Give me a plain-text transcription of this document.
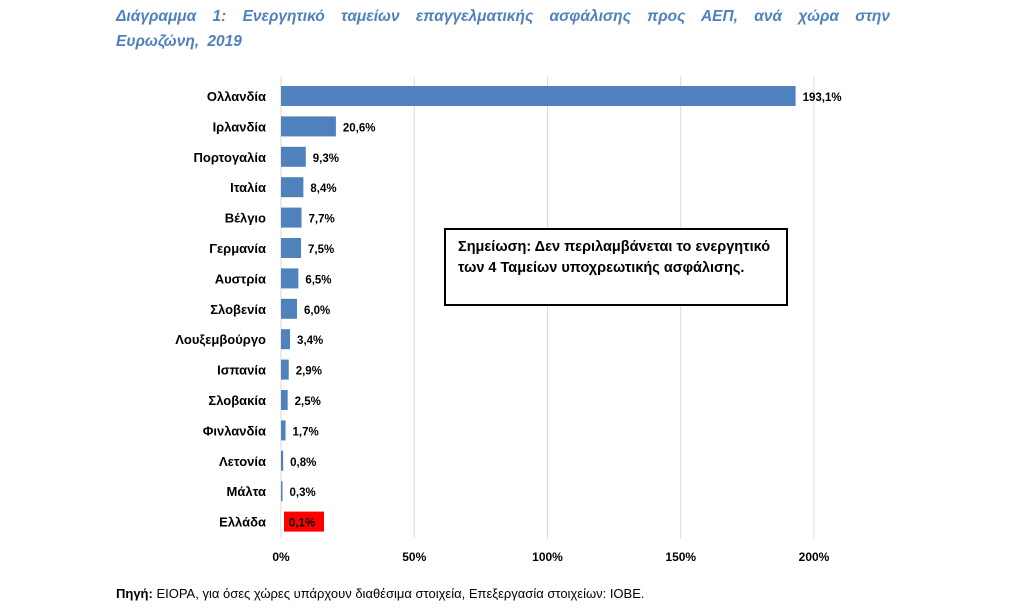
Διάγραμμα 1: Ενεργητικό ταμείων επαγγελματικής ασφάλισης προς ΑΕΠ, ανά χώρα στην Ευρωζώνη, 2019
0%	50%	100%	150%	200%
Ολλανδία	193,1%
Ιρλανδία	20,6%
Πορτογαλία	9,3%
Ιταλία	8,4%
Βέλγιο	7,7%
Γερμανία	7,5%
Αυστρία	6,5%
Σλοβενία	6,0%
Λουξεμβούργο	3,4%
Ισπανία	2,9%
Σλοβακία 2,5%
Φινλανδία 1,7%
Λετονία 0,8%
Μάλτα 0,3%
Ελλάδα 0,1%
Σημείωση: Δεν περιλαμβάνεται το ενεργητικό των 4 Ταμείων υποχρεωτικής ασφάλισης.
Πηγή: EIOPA, για όσες χώρες υπάρχουν διαθέσιμα στοιχεία, Επεξεργασία στοιχείων: ΙΟΒΕ.
